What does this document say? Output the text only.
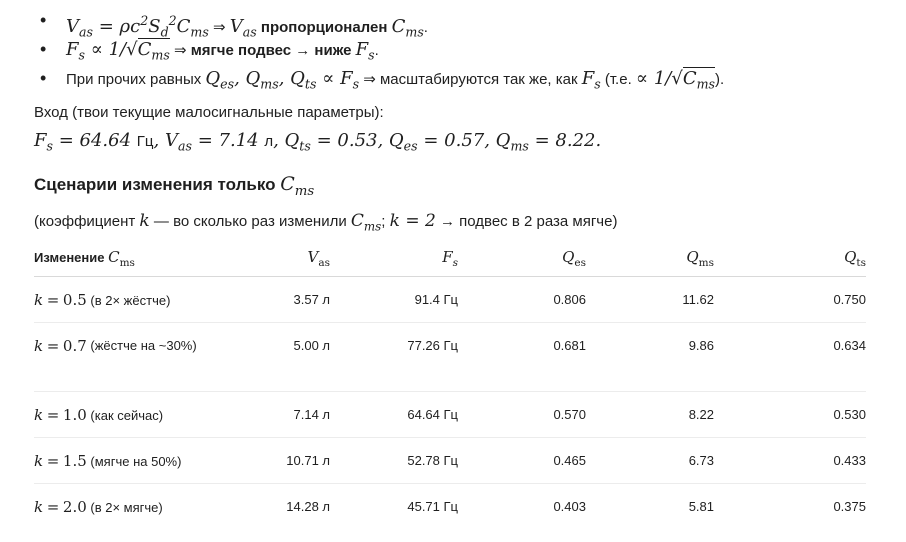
• $V_{as} = \rho c^2S_d^2C_{ms}$ ⇒ $V_{as}$ пропорционален $C_{ms}$.
• $F_s \propto 1/√C_{ms}$ ⇒ мягче подвес → ниже $F_s$.
• При прочих равных $Q_{es}$, $Q_{ms}$, $Q_{ts} \propto F_s$ ⇒ масштабируются так же, как $F_s$ (т.е. ∝ $1/√C_{ms}$).
Вход (твои текущие малосигнальные параметры):
$F_s = 64.64$ Гц, $V_{as} = 7.14$ л, $Q_{ts} = 0.53$, $Q_{es} = 0.57$, $Q_{ms} = 8.22$.
Сценарии изменения только $C_{ms}$
(коэффициент k — во сколько раз изменили $C_{ms}$; k = 2 → подвес в 2 раза мягче)
Изменение $C_{ms}$	$V_{as}$	$F_s$	$Q_{es}$	$Q_{ms}$	$Q_{ts}$
k = 0.5 (в 2× жёстче)	3.57 л	91.4 Гц	0.806	11.62	0.750
k = 0.7 (жёстче на ~30%)	5.00 л	77.26 Гц	0.681	9.86	0.634
k = 1.0 (как сейчас)	7.14 л	64.64 Гц	0.570	8.22	0.530
k = 1.5 (мягче на 50%)	10.71 л	52.78 Гц	0.465	6.73	0.433
k = 2.0 (в 2× мягче)	14.28 л	45.71 Гц	0.403	5.81	0.375
